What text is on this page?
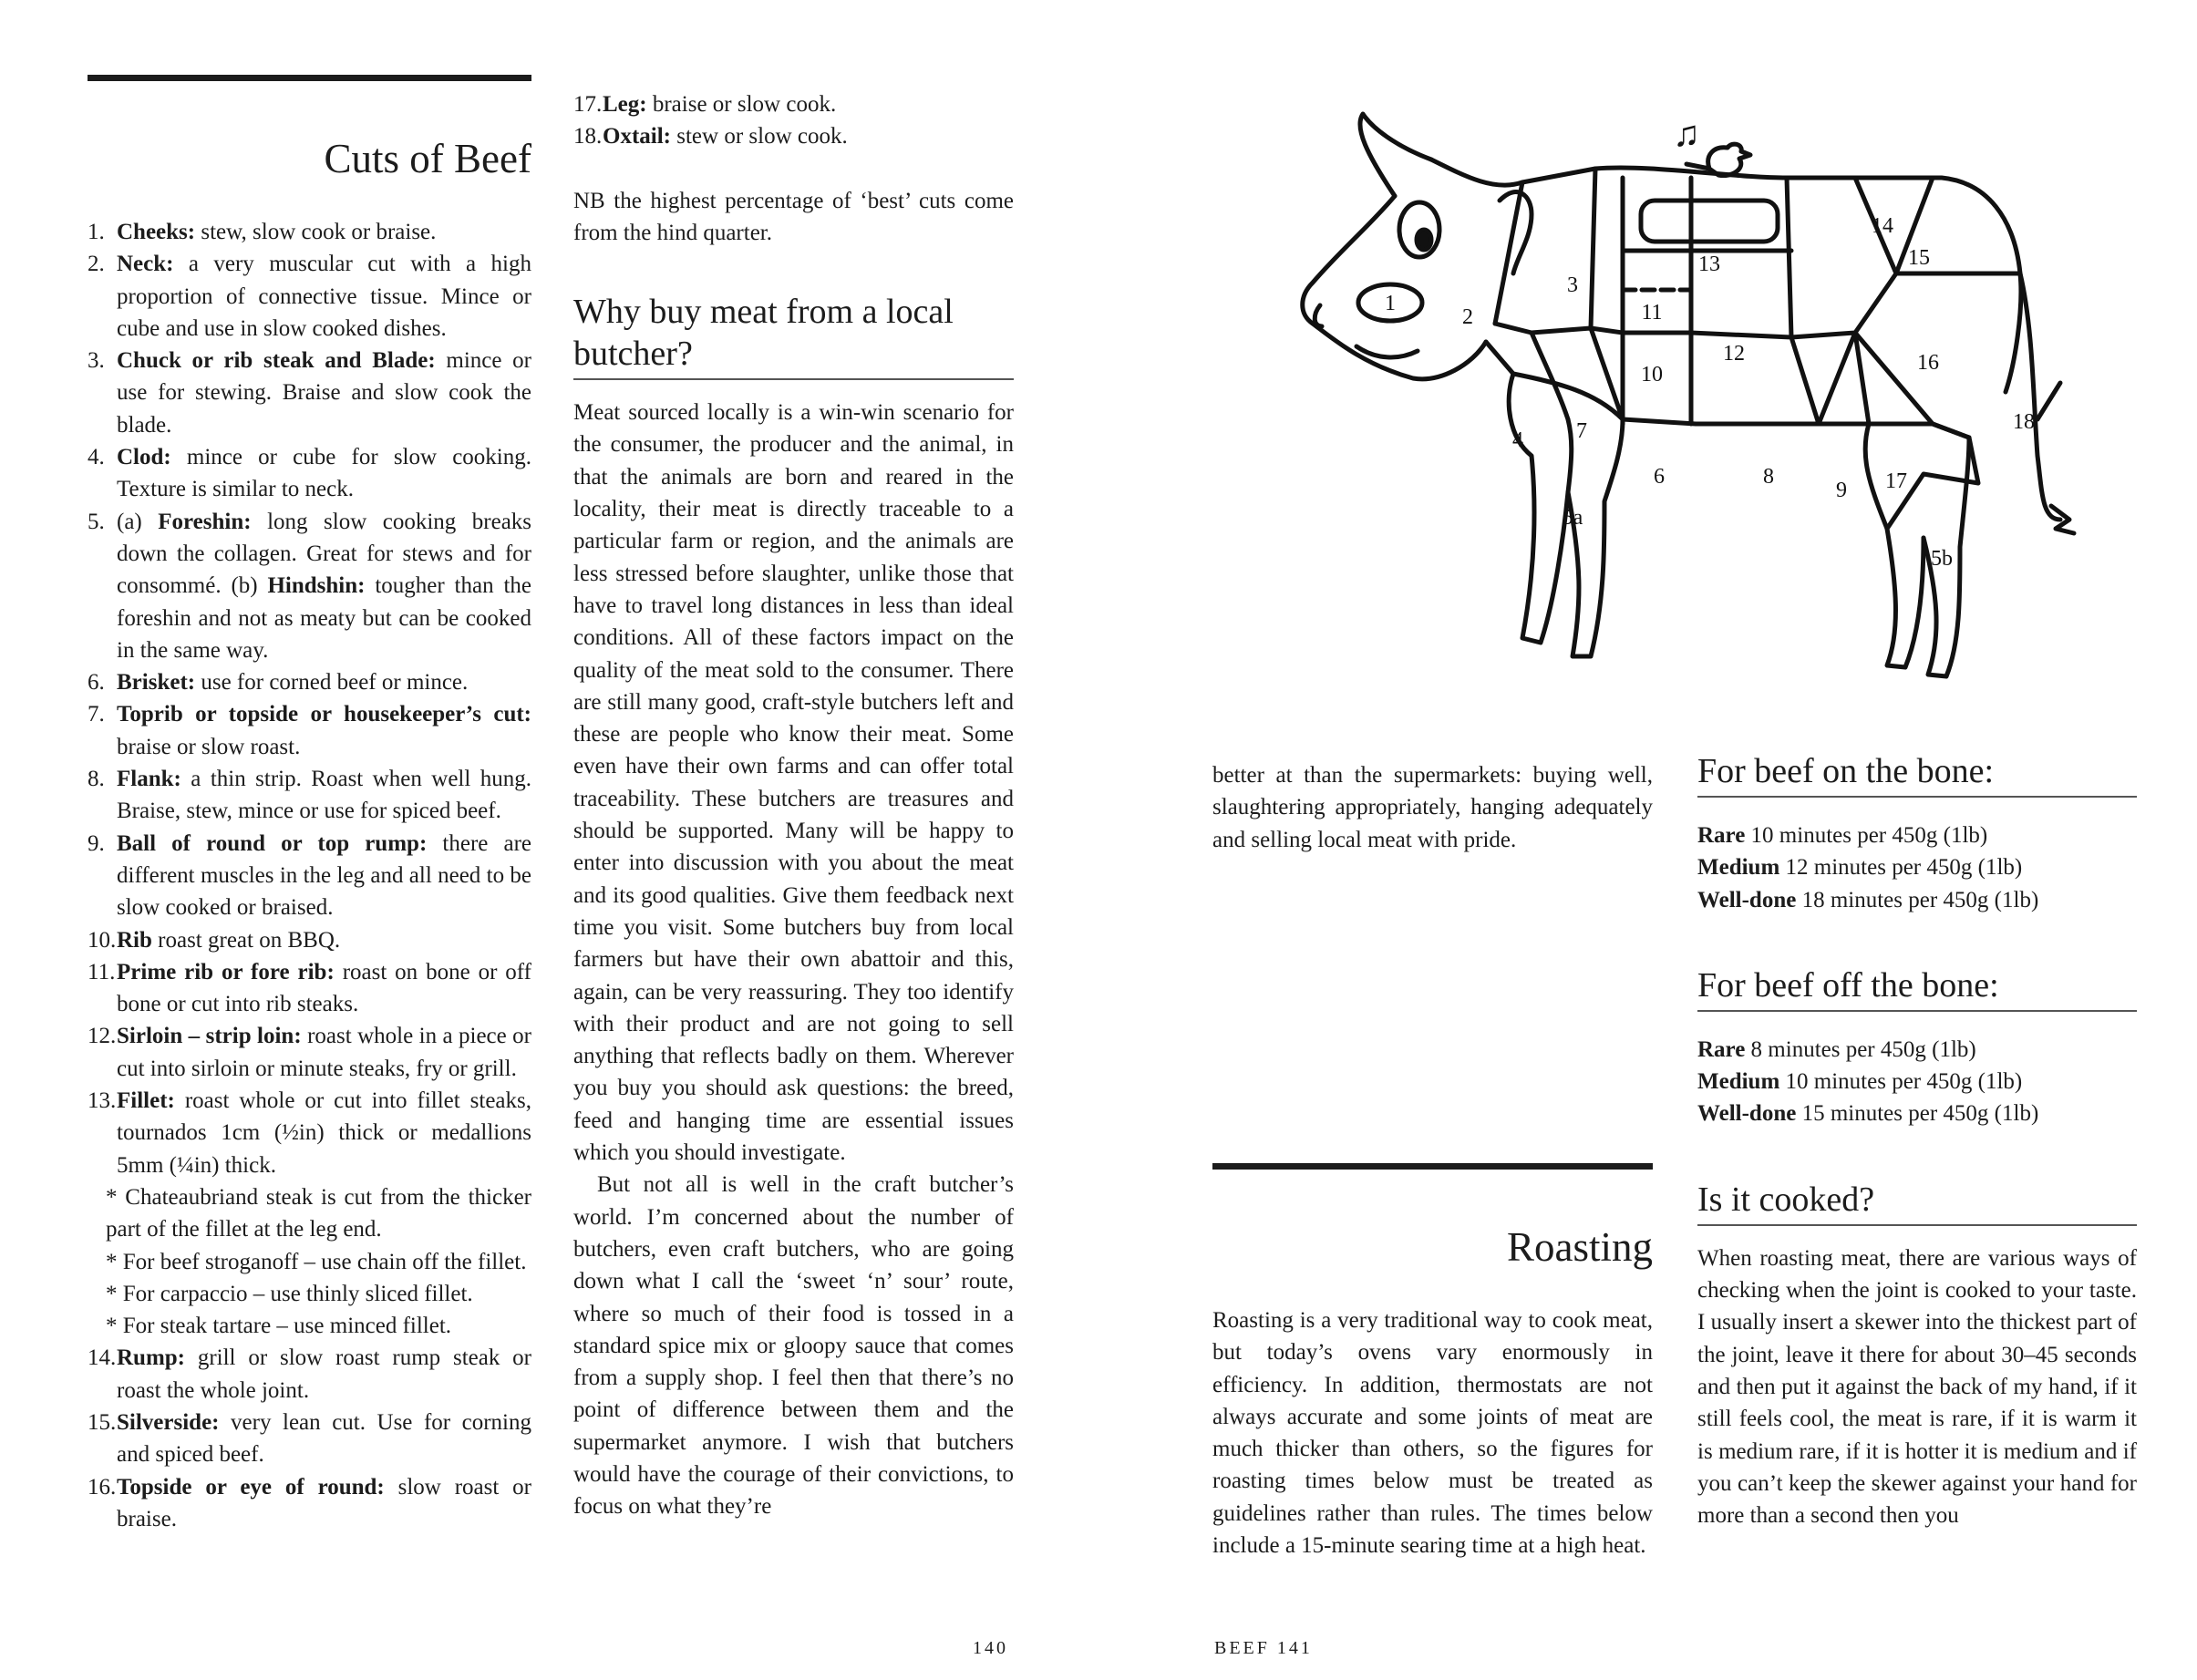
Cuts of Beef
1. Cheeks: stew, slow cook or braise.
2. Neck: a very muscular cut with a high proportion of connective tissue. Mince or cube and use in slow cooked dishes.
3. Chuck or rib steak and Blade: mince or use for stewing. Braise and slow cook the blade.
4. Clod: mince or cube for slow cooking. Texture is similar to neck.
5. (a) Foreshin: long slow cooking breaks down the collagen. Great for stews and for consommé. (b) Hindshin: tougher than the foreshin and not as meaty but can be cooked in the same way.
6. Brisket: use for corned beef or mince.
7. Toprib or topside or housekeeper’s cut: braise or slow roast.
8. Flank: a thin strip. Roast when well hung. Braise, stew, mince or use for spiced beef.
9. Ball of round or top rump: there are different muscles in the leg and all need to be slow cooked or braised.
10. Rib roast great on BBQ.
11. Prime rib or fore rib: roast on bone or off bone or cut into rib steaks.
12. Sirloin – strip loin: roast whole in a piece or cut into sirloin or minute steaks, fry or grill.
13. Fillet: roast whole or cut into fillet steaks, tournados 1cm (½in) thick or medallions 5mm (¼in) thick.
* Chateaubriand steak is cut from the thicker part of the fillet at the leg end.
* For beef stroganoff – use chain off the fillet.
* For carpaccio – use thinly sliced fillet.
* For steak tartare – use minced fillet.
14. Rump: grill or slow roast rump steak or roast the whole joint.
15. Silverside: very lean cut. Use for corning and spiced beef.
16. Topside or eye of round: slow roast or braise.
17. Leg: braise or slow cook.
18. Oxtail: stew or slow cook.

NB the highest percentage of ‘best’ cuts come from the hind quarter.

Why buy meat from a local butcher?

Meat sourced locally is a win-win scenario for the consumer, the producer and the animal, in that the animals are born and reared in the locality, their meat is directly traceable to a particular farm or region, and the animals are less stressed before slaughter, unlike those that have to travel long distances in less than ideal conditions. All of these factors impact on the quality of the meat sold to the consumer. There are still many good, craft-style butchers left and these are people who know their meat. Some even have their own farms and can offer total traceability. These butchers are treasures and should be supported. Many will be happy to enter into discussion with you about the meat and its good qualities. Give them feedback next time you visit. Some butchers buy from local farmers but have their own abattoir and this, again, can be very reassuring. They too identify with their product and are not going to sell anything that reflects badly on them. Wherever you buy you should ask questions: the breed, feed and hanging time are essential issues which you should investigate.

But not all is well in the craft butcher’s world. I’m concerned about the number of butchers, even craft butchers, who are going down what I call the ‘sweet ‘n’ sour’ route, where so much of their food is tossed in a standard spice mix or gloopy sauce that comes from a supply shop. I feel then that there’s no point of difference between them and the supermarket anymore. I wish that butchers would have the courage of their convictions, to focus on what they’re

140
1
2
3
4
5a
5b
6
7
8
9
10
11
12
13
14
15
16
17
18
♫

better at than the supermarkets: buying well, slaughtering appropriately, hanging adequately and selling local meat with pride.

Roasting

Roasting is a very traditional way to cook meat, but today’s ovens vary enormously in efficiency. In addition, thermostats are not always accurate and some joints of meat are much thicker than others, so the figures for roasting times below must be treated as guidelines rather than rules. The times below include a 15-minute searing time at a high heat.

For beef on the bone:

Rare 10 minutes per 450g (1lb)

Medium 12 minutes per 450g (1lb)

Well-done 18 minutes per 450g (1lb)

For beef off the bone:

Rare 8 minutes per 450g (1lb)

Medium 10 minutes per 450g (1lb)

Well-done 15 minutes per 450g (1lb)

Is it cooked?

When roasting meat, there are various ways of checking when the joint is cooked to your taste. I usually insert a skewer into the thickest part of the joint, leave it there for about 30–45 seconds and then put it against the back of my hand, if it still feels cool, the meat is rare, if it is warm it is medium rare, if it is hotter it is medium and if you can’t keep the skewer against your hand for more than a second then you

BEEF 141
